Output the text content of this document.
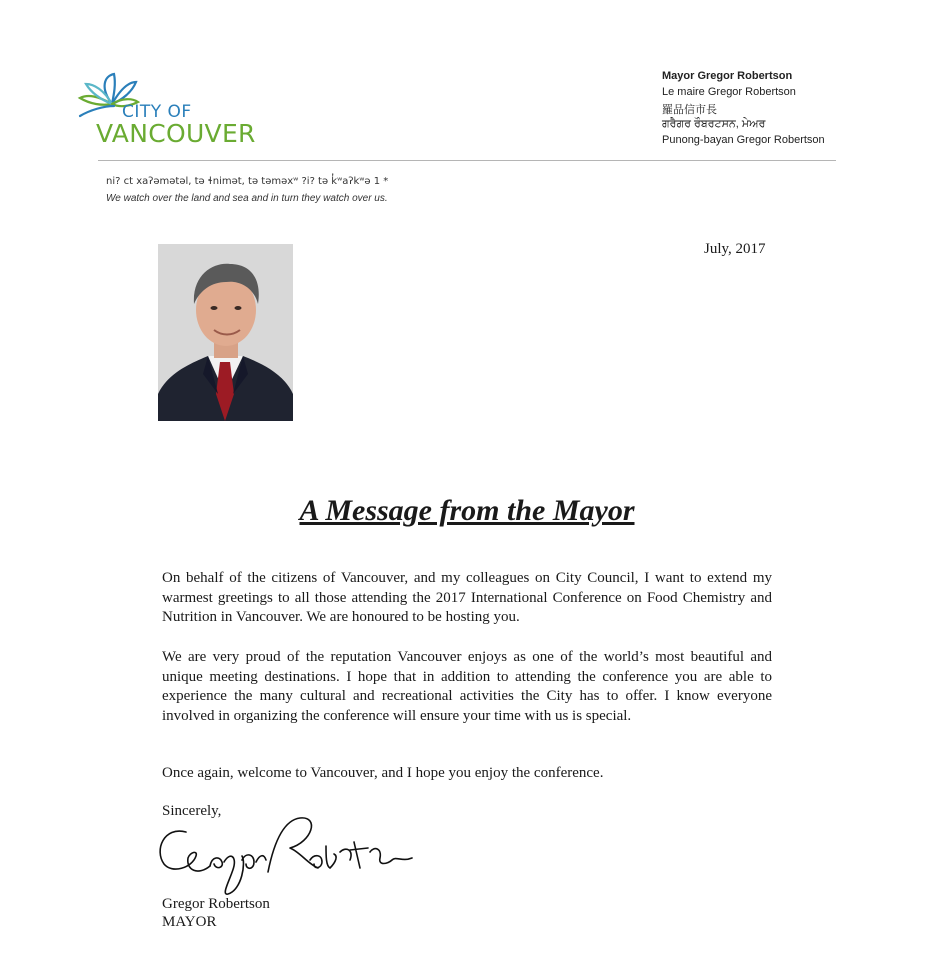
CITY OF
VANCOUVER
Mayor Gregor Robertson
Le maire Gregor Robertson
羅品信市長
ਗਰੈਗਰ ਰੌਬਰਟਸਨ, ਮੇਅਰ
Punong-bayan Gregor Robertson
ni? ct xaʔəmətəl, tə ɬnimət, tə təməxʷ ?i? tə k̓ʷaʔkʷə 1 *
We watch over the land and sea and in turn they watch over us.
July, 2017
A Message from the Mayor
On behalf of the citizens of Vancouver, and my colleagues on City Council, I want to extend my warmest greetings to all those attending the 2017 International Conference on Food Chemistry and Nutrition in Vancouver. We are honoured to be hosting you.
We are very proud of the reputation Vancouver enjoys as one of the world’s most beautiful and unique meeting destinations. I hope that in addition to attending the conference you are able to experience the many cultural and recreational activities the City has to offer. I know everyone involved in organizing the conference will ensure your time with us is special.
Once again, welcome to Vancouver, and I hope you enjoy the conference.
Sincerely,
Gregor Robertson
MAYOR
